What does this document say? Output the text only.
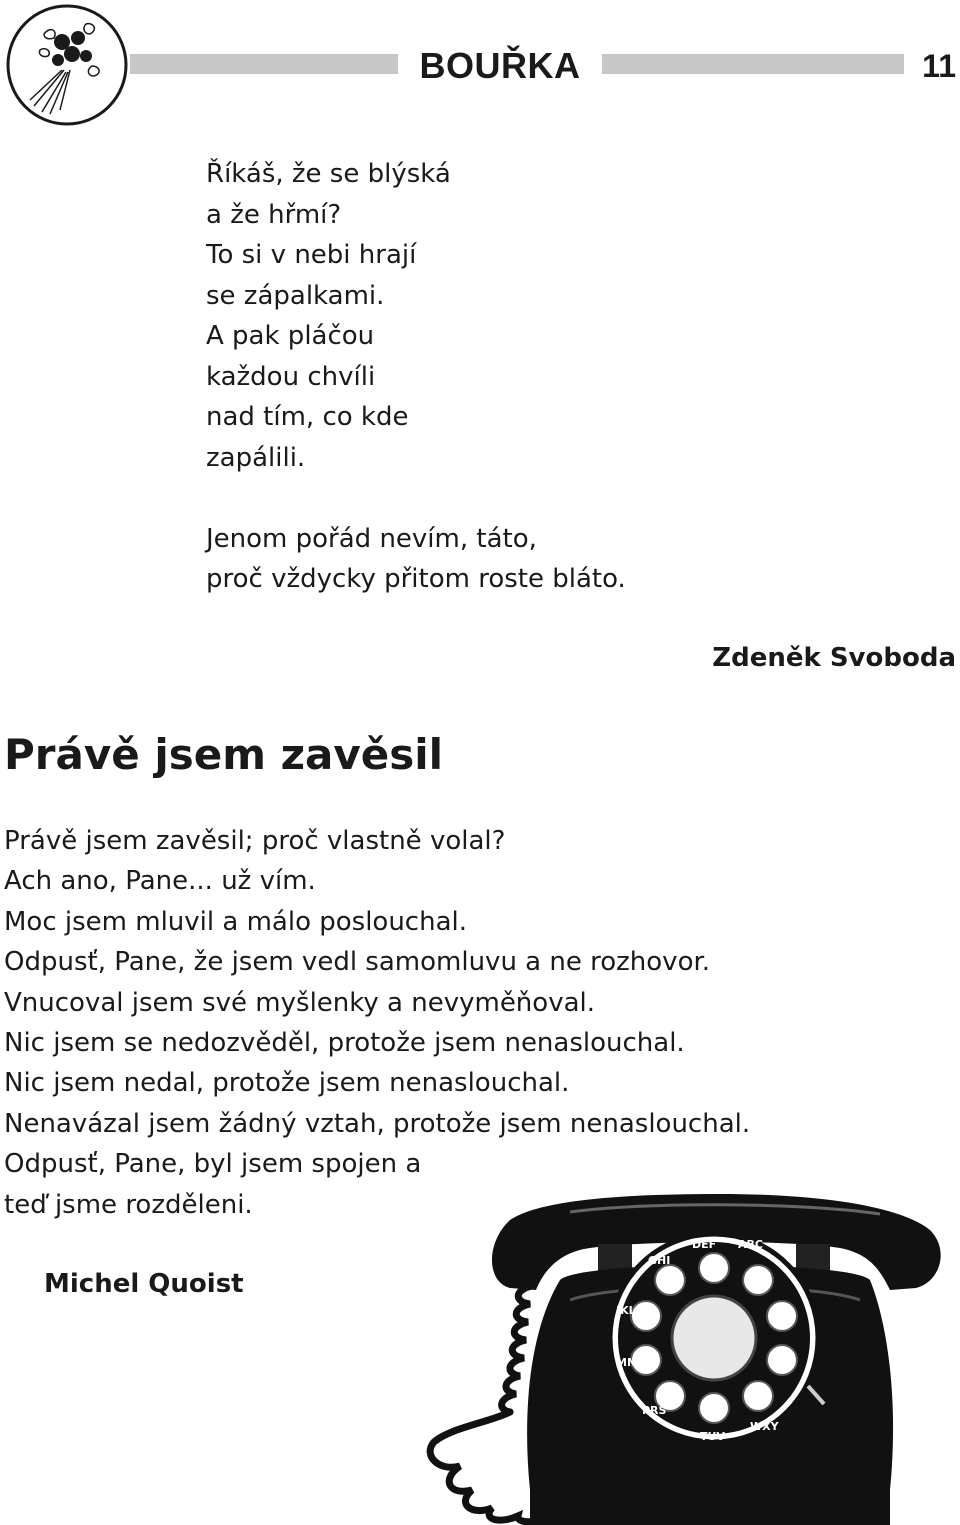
BOUŘKA	11
Říkáš, že se blýská
a že hřmí?
To si v nebi hrají
se zápalkami.
A pak pláčou
každou chvíli
nad tím, co kde
zapálili.
Jenom pořád nevím, táto,
proč vždycky přitom roste bláto.
Zdeněk Svoboda
Právě jsem zavěsil
Právě jsem zavěsil; proč vlastně volal?
Ach ano, Pane... už vím.
Moc jsem mluvil a málo poslouchal.
Odpusť, Pane, že jsem vedl samomluvu a ne rozhovor.
Vnucoval jsem své myšlenky a nevyměňoval.
Nic jsem se nedozvěděl, protože jsem nenaslouchal.
Nic jsem nedal, protože jsem nenaslouchal.
Nenavázal jsem žádný vztah, protože jsem nenaslouchal.
Odpusť, Pane, byl jsem spojen a
teď jsme rozděleni.
Michel Quoist
ABC
DEF
GHI
JKL
MNO
PRS
TUV
WXY
